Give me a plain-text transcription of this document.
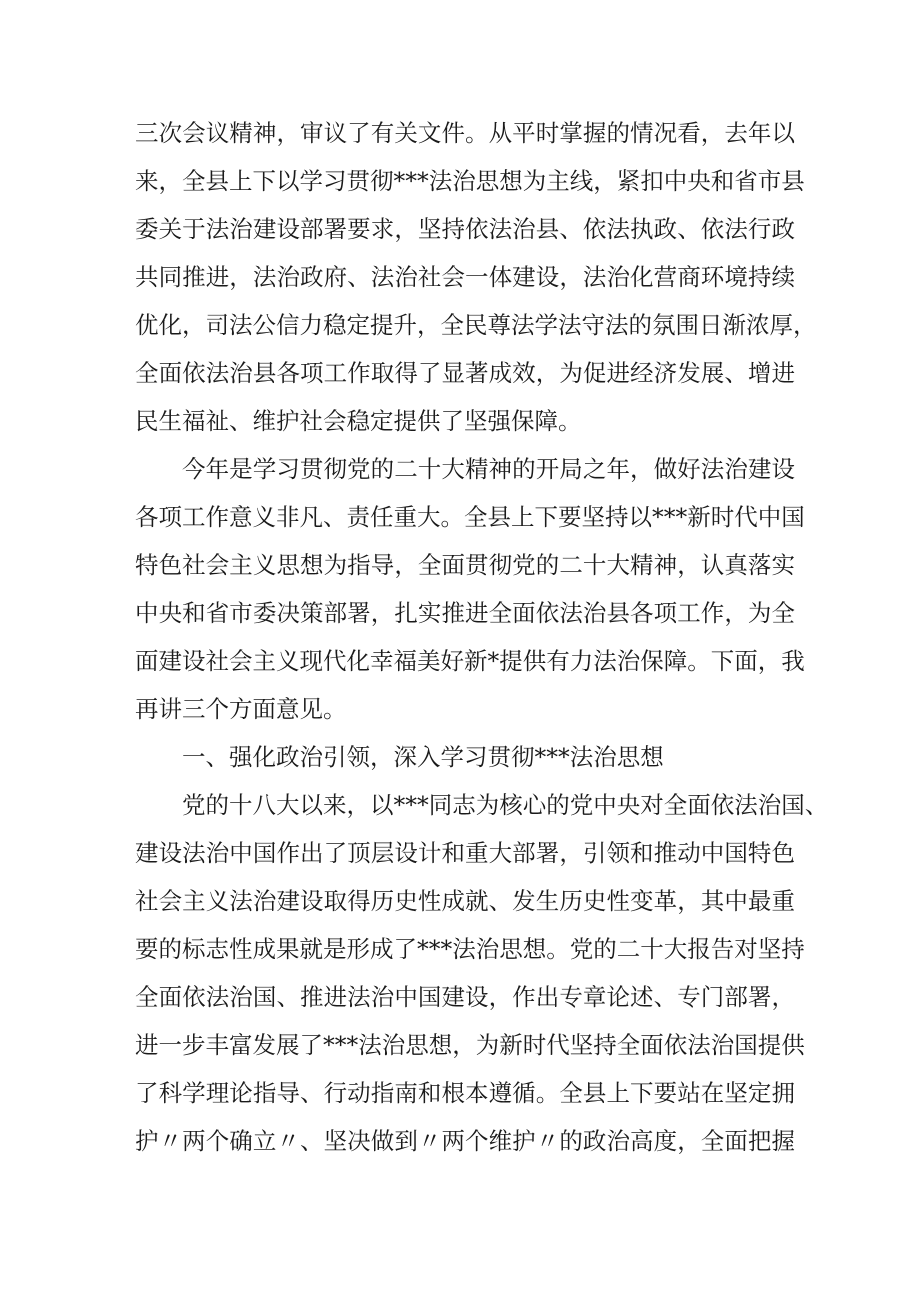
三次会议精神，审议了有关文件。从平时掌握的情况看，去年以
来，全县上下以学习贯彻***法治思想为主线，紧扣中央和省市县
委关于法治建设部署要求，坚持依法治县、依法执政、依法行政
共同推进，法治政府、法治社会一体建设，法治化营商环境持续
优化，司法公信力稳定提升，全民尊法学法守法的氛围日渐浓厚，
全面依法治县各项工作取得了显著成效，为促进经济发展、增进
民生福祉、维护社会稳定提供了坚强保障。
今年是学习贯彻党的二十大精神的开局之年，做好法治建设
各项工作意义非凡、责任重大。全县上下要坚持以***新时代中国
特色社会主义思想为指导，全面贯彻党的二十大精神，认真落实
中央和省市委决策部署，扎实推进全面依法治县各项工作，为全
面建设社会主义现代化幸福美好新*提供有力法治保障。下面，我
再讲三个方面意见。
一、强化政治引领，深入学习贯彻***法治思想
党的十八大以来，以***同志为核心的党中央对全面依法治国、
建设法治中国作出了顶层设计和重大部署，引领和推动中国特色
社会主义法治建设取得历史性成就、发生历史性变革，其中最重
要的标志性成果就是形成了***法治思想。党的二十大报告对坚持
全面依法治国、推进法治中国建设，作出专章论述、专门部署，
进一步丰富发展了***法治思想，为新时代坚持全面依法治国提供
了科学理论指导、行动指南和根本遵循。全县上下要站在坚定拥
护〃两个确立〃、坚决做到〃两个维护〃的政治高度，全面把握
